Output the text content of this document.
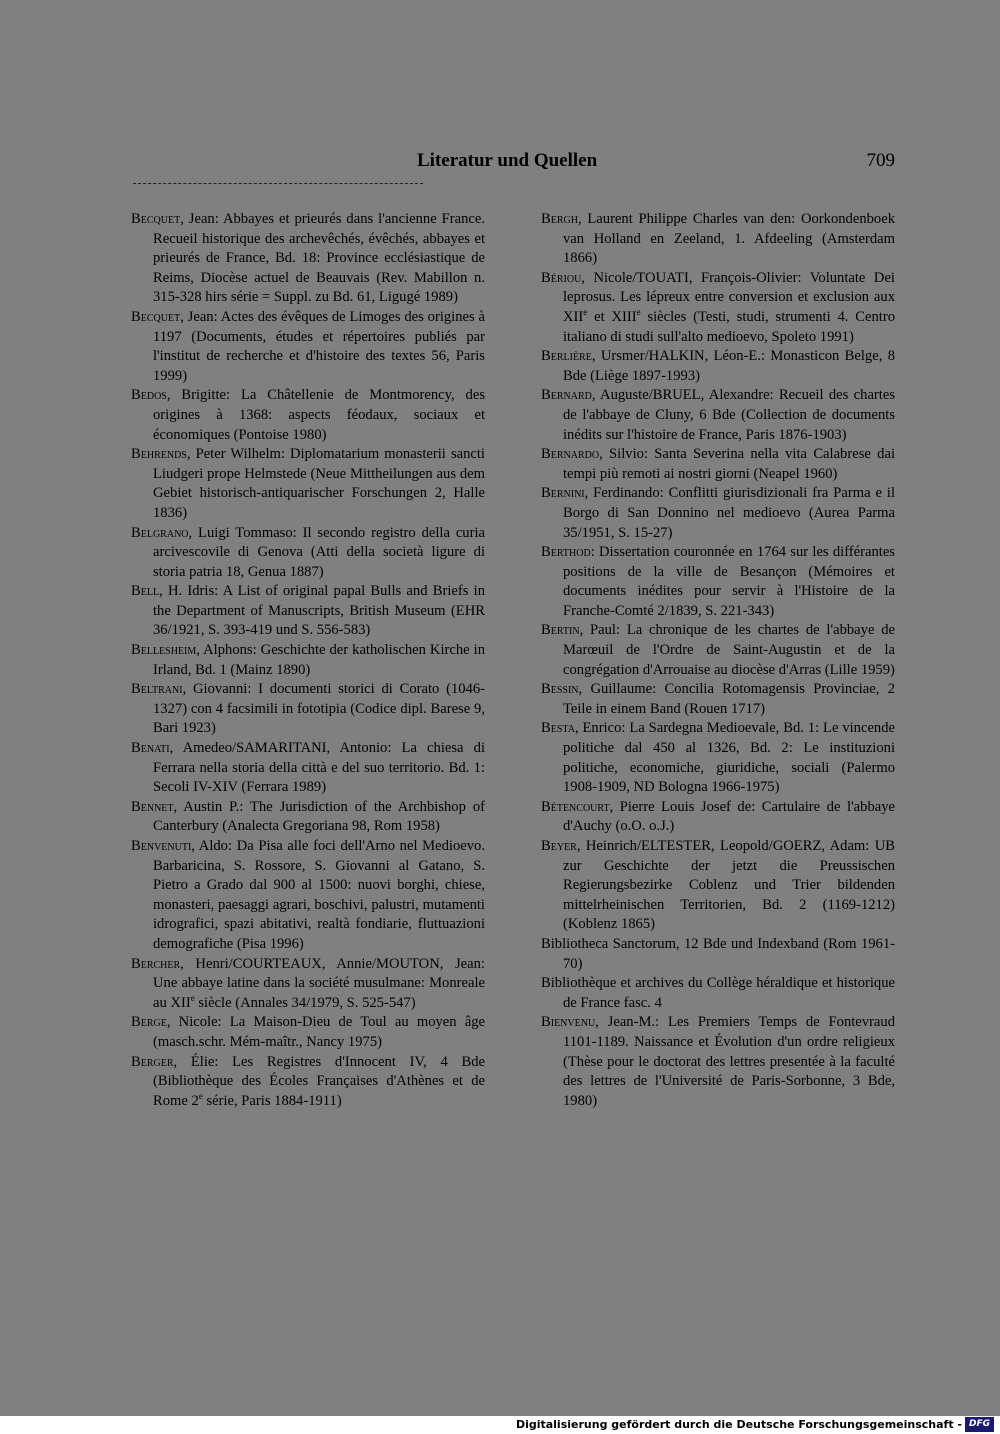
Literatur und Quellen	709

Becquet, Jean: Abbayes et prieurés dans l'ancienne France. Recueil historique des archevêchés, évêchés, abbayes et prieurés de France, Bd. 18: Province ecclésiastique de Reims, Diocèse actuel de Beauvais (Rev. Mabillon n. 315-328 hirs série = Suppl. zu Bd. 61, Ligugé 1989)

Becquet, Jean: Actes des évêques de Limoges des origines à 1197 (Documents, études et répertoires publiés par l'institut de recherche et d'histoire des textes 56, Paris 1999)

Bedos, Brigitte: La Châtellenie de Montmorency, des origines à 1368: aspects féodaux, sociaux et économiques (Pontoise 1980)

Behrends, Peter Wilhelm: Diplomatarium monasterii sancti Liudgeri prope Helmstede (Neue Mittheilungen aus dem Gebiet historisch-antiquarischer Forschungen 2, Halle 1836)

Belgrano, Luigi Tommaso: Il secondo registro della curia arcivescovile di Genova (Atti della società ligure di storia patria 18, Genua 1887)

Bell, H. Idris: A List of original papal Bulls and Briefs in the Department of Manuscripts, British Museum (EHR 36/1921, S. 393-419 und S. 556-583)

Bellesheim, Alphons: Geschichte der katholischen Kirche in Irland, Bd. 1 (Mainz 1890)

Beltrani, Giovanni: I documenti storici di Corato (1046-1327) con 4 facsimili in fototipia (Codice dipl. Barese 9, Bari 1923)

Benati, Amedeo/SAMARITANI, Antonio: La chiesa di Ferrara nella storia della città e del suo territorio. Bd. 1: Secoli IV-XIV (Ferrara 1989)

Bennet, Austin P.: The Jurisdiction of the Archbishop of Canterbury (Analecta Gregoriana 98, Rom 1958)

Benvenuti, Aldo: Da Pisa alle foci dell'Arno nel Medioevo. Barbaricina, S. Rossore, S. Giovanni al Gatano, S. Pietro a Grado dal 900 al 1500: nuovi borghi, chiese, monasteri, paesaggi agrari, boschivi, palustri, mutamenti idrografici, spazi abitativi, realtà fondiarie, fluttuazioni demografiche (Pisa 1996)

Bercher, Henri/COURTEAUX, Annie/MOUTON, Jean: Une abbaye latine dans la société musulmane: Monreale au XIIe siècle (Annales 34/1979, S. 525-547)

Berge, Nicole: La Maison-Dieu de Toul au moyen âge (masch.schr. Mém-maîtr., Nancy 1975)

Berger, Élie: Les Registres d'Innocent IV, 4 Bde (Bibliothèque des Écoles Françaises d'Athènes et de Rome 2e série, Paris 1884-1911)

Bergh, Laurent Philippe Charles van den: Oorkondenboek van Holland en Zeeland, 1. Afdeeling (Amsterdam 1866)

Bériou, Nicole/TOUATI, François-Olivier: Voluntate Dei leprosus. Les lépreux entre conversion et exclusion aux XIIe et XIIIe siècles (Testi, studi, strumenti 4. Centro italiano di studi sull'alto medioevo, Spoleto 1991)

Berlière, Ursmer/HALKIN, Léon-E.: Monasticon Belge, 8 Bde (Liège 1897-1993)

Bernard, Auguste/BRUEL, Alexandre: Recueil des chartes de l'abbaye de Cluny, 6 Bde (Collection de documents inédits sur l'histoire de France, Paris 1876-1903)

Bernardo, Silvio: Santa Severina nella vita Calabrese dai tempi più remoti ai nostri giorni (Neapel 1960)

Bernini, Ferdinando: Conflitti giurisdizionali fra Parma e il Borgo di San Donnino nel medioevo (Aurea Parma 35/1951, S. 15-27)

Berthod: Dissertation couronnée en 1764 sur les différantes positions de la ville de Besançon (Mémoires et documents inédites pour servir à l'Histoire de la Franche-Comté 2/1839, S. 221-343)

Bertin, Paul: La chronique de les chartes de l'abbaye de Marœuil de l'Ordre de Saint-Augustin et de la congrégation d'Arrouaise au diocèse d'Arras (Lille 1959)

Bessin, Guillaume: Concilia Rotomagensis Provinciae, 2 Teile in einem Band (Rouen 1717)

Besta, Enrico: La Sardegna Medioevale, Bd. 1: Le vincende politiche dal 450 al 1326, Bd. 2: Le instituzioni politiche, economiche, giuridiche, sociali (Palermo 1908-1909, ND Bologna 1966-1975)

Bétencourt, Pierre Louis Josef de: Cartulaire de l'abbaye d'Auchy (o.O. o.J.)

Beyer, Heinrich/ELTESTER, Leopold/GOERZ, Adam: UB zur Geschichte der jetzt die Preussischen Regierungsbezirke Coblenz und Trier bildenden mittelrheinischen Territorien, Bd. 2 (1169-1212) (Koblenz 1865)

Bibliotheca Sanctorum, 12 Bde und Indexband (Rom 1961-70)

Bibliothèque et archives du Collège héraldique et historique de France fasc. 4

Bienvenu, Jean-M.: Les Premiers Temps de Fontevraud 1101-1189. Naissance et Évolution d'un ordre religieux (Thèse pour le doctorat des lettres presentée à la faculté des lettres de l'Université de Paris-Sorbonne, 3 Bde, 1980)

Digitalisierung gefördert durch die Deutsche Forschungsgemeinschaft - DFG
